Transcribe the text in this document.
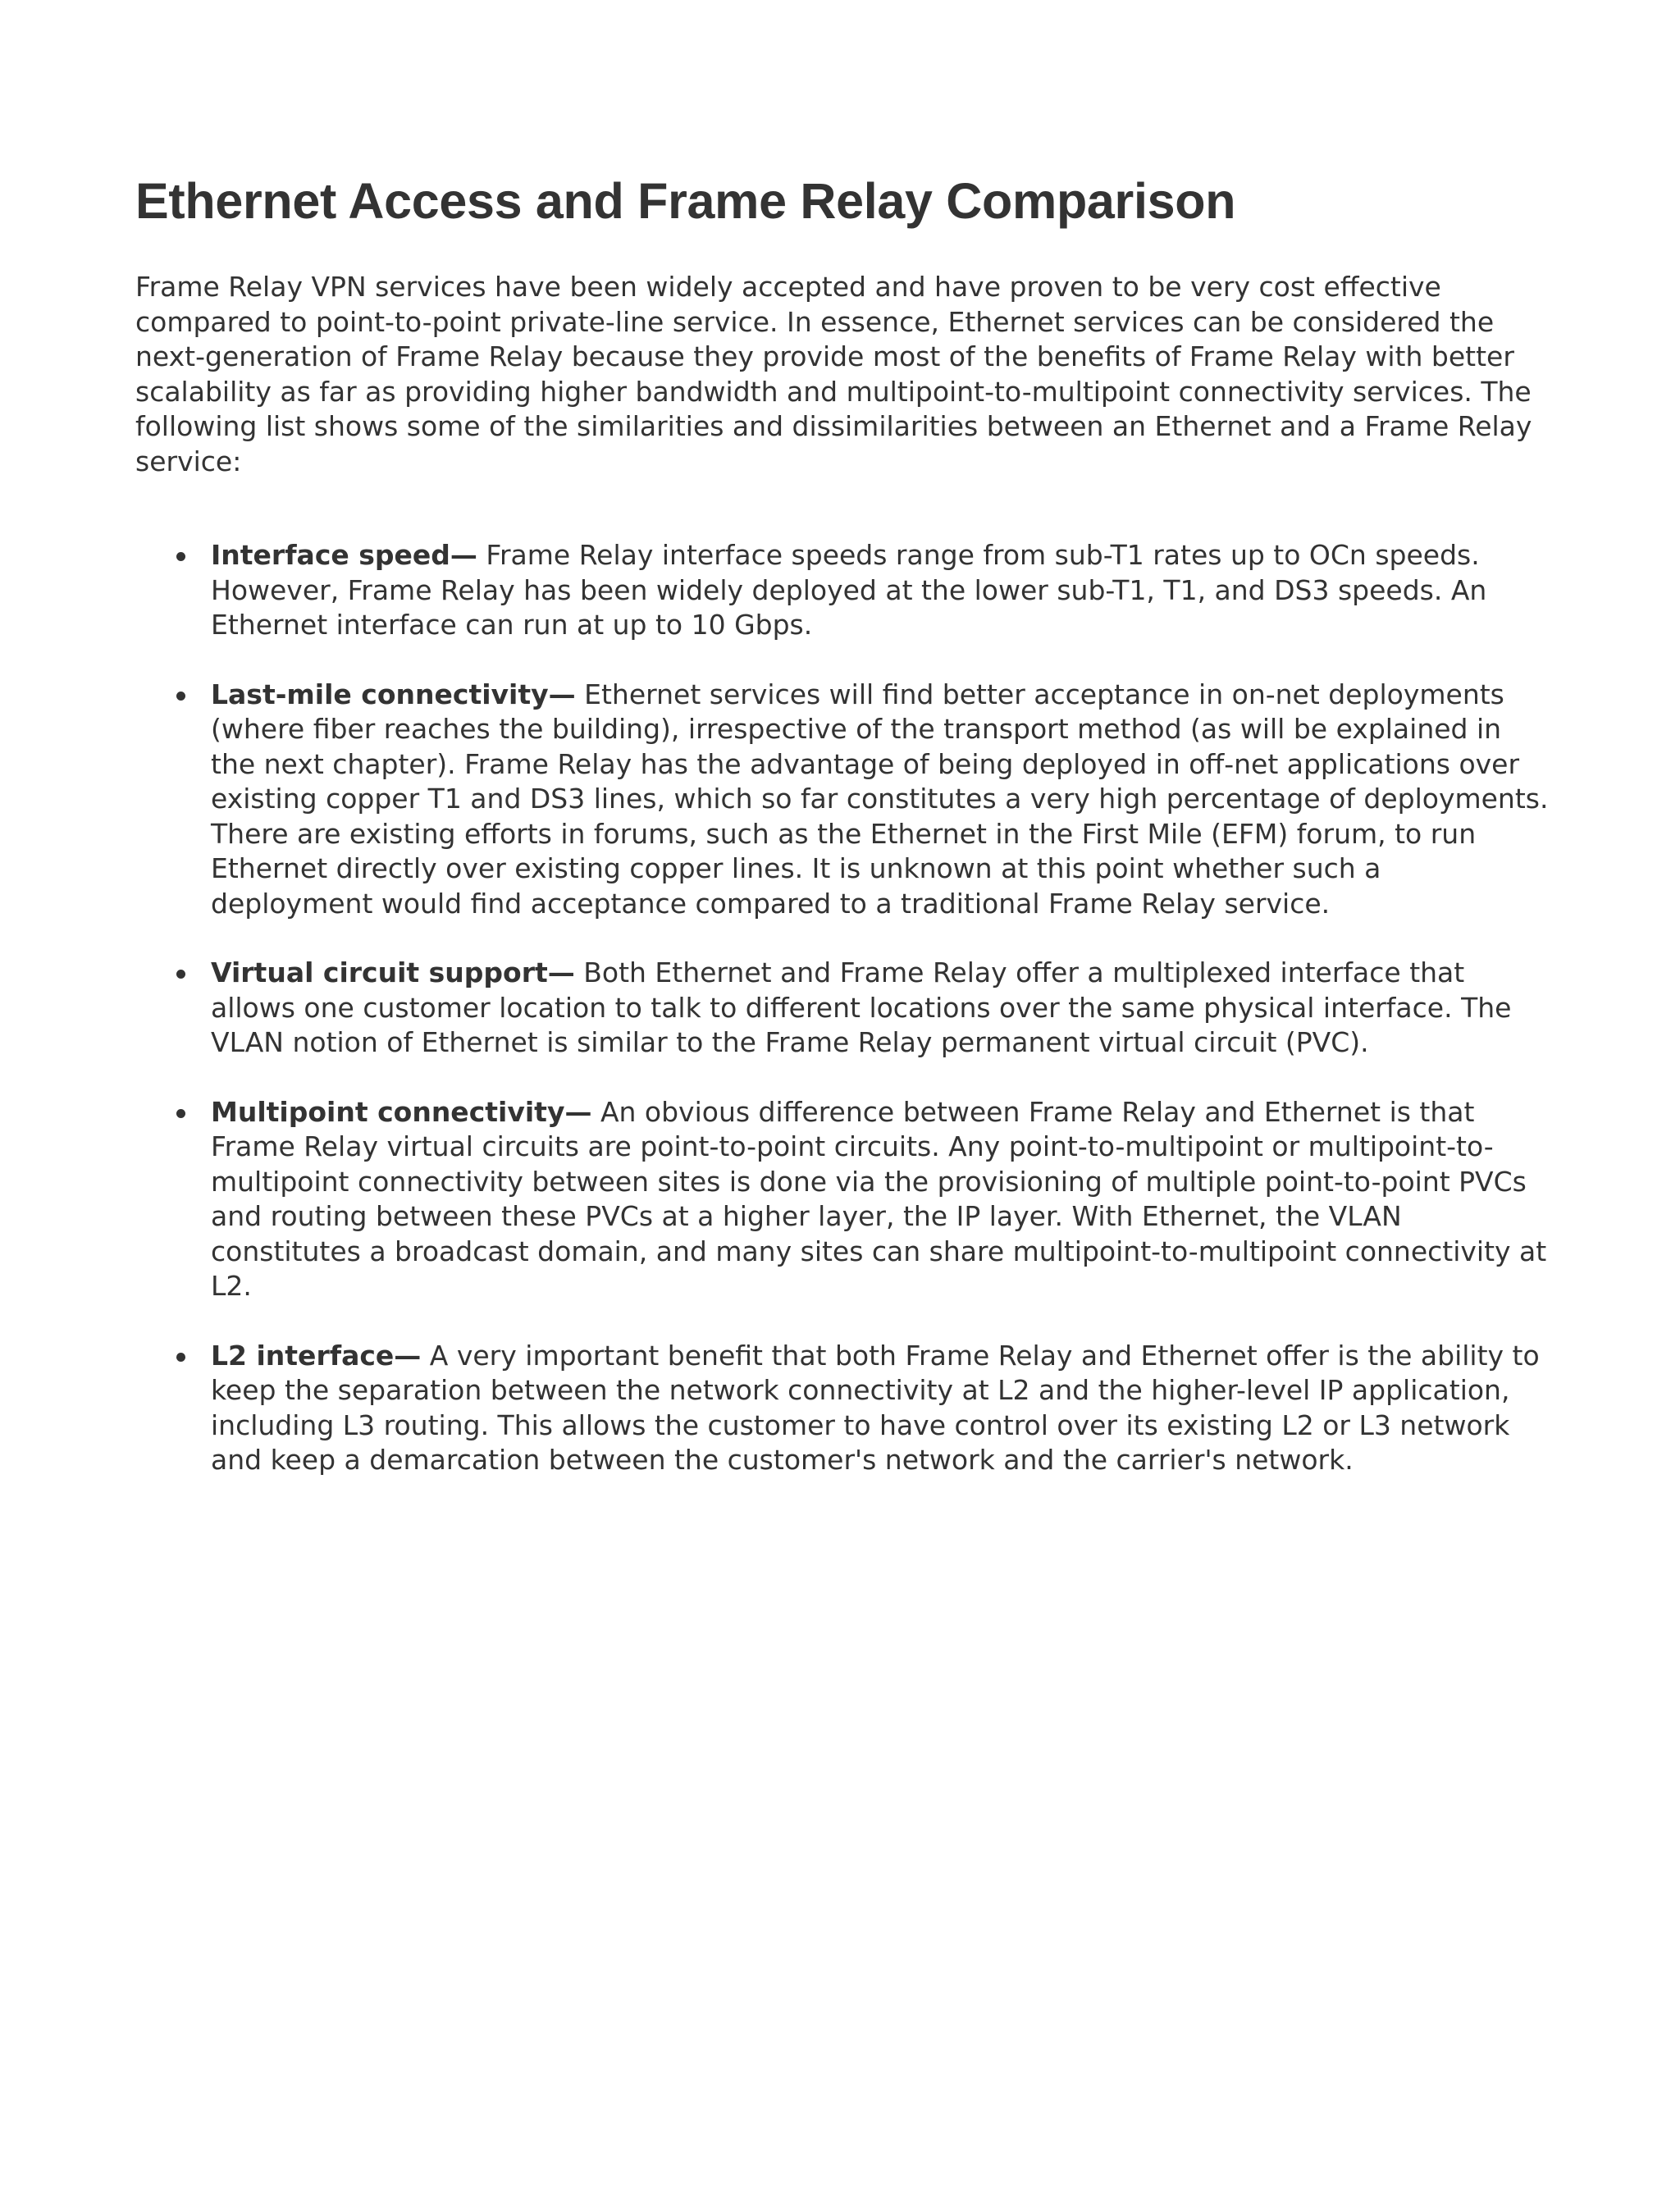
Ethernet Access and Frame Relay Comparison

Frame Relay VPN services have been widely accepted and have proven to be very cost effective compared to point-to-point private-line service. In essence, Ethernet services can be considered the next-generation of Frame Relay because they provide most of the benefits of Frame Relay with better scalability as far as providing higher bandwidth and multipoint-to-multipoint connectivity services. The following list shows some of the similarities and dissimilarities between an Ethernet and a Frame Relay service:

Interface speed— Frame Relay interface speeds range from sub-T1 rates up to OCn speeds. However, Frame Relay has been widely deployed at the lower sub-T1, T1, and DS3 speeds. An Ethernet interface can run at up to 10 Gbps.
Last-mile connectivity— Ethernet services will find better acceptance in on-net deployments (where fiber reaches the building), irrespective of the transport method (as will be explained in the next chapter). Frame Relay has the advantage of being deployed in off-net applications over existing copper T1 and DS3 lines, which so far constitutes a very high percentage of deployments. There are existing efforts in forums, such as the Ethernet in the First Mile (EFM) forum, to run Ethernet directly over existing copper lines. It is unknown at this point whether such a deployment would find acceptance compared to a traditional Frame Relay service.
Virtual circuit support— Both Ethernet and Frame Relay offer a multiplexed interface that allows one customer location to talk to different locations over the same physical interface. The VLAN notion of Ethernet is similar to the Frame Relay permanent virtual circuit (PVC).
Multipoint connectivity— An obvious difference between Frame Relay and Ethernet is that Frame Relay virtual circuits are point-to-point circuits. Any point-to-multipoint or multipoint-to-multipoint connectivity between sites is done via the provisioning of multiple point-to-point PVCs and routing between these PVCs at a higher layer, the IP layer. With Ethernet, the VLAN constitutes a broadcast domain, and many sites can share multipoint-to-multipoint connectivity at L2.
L2 interface— A very important benefit that both Frame Relay and Ethernet offer is the ability to keep the separation between the network connectivity at L2 and the higher-level IP application, including L3 routing. This allows the customer to have control over its existing L2 or L3 network and keep a demarcation between the customer's network and the carrier's network.
